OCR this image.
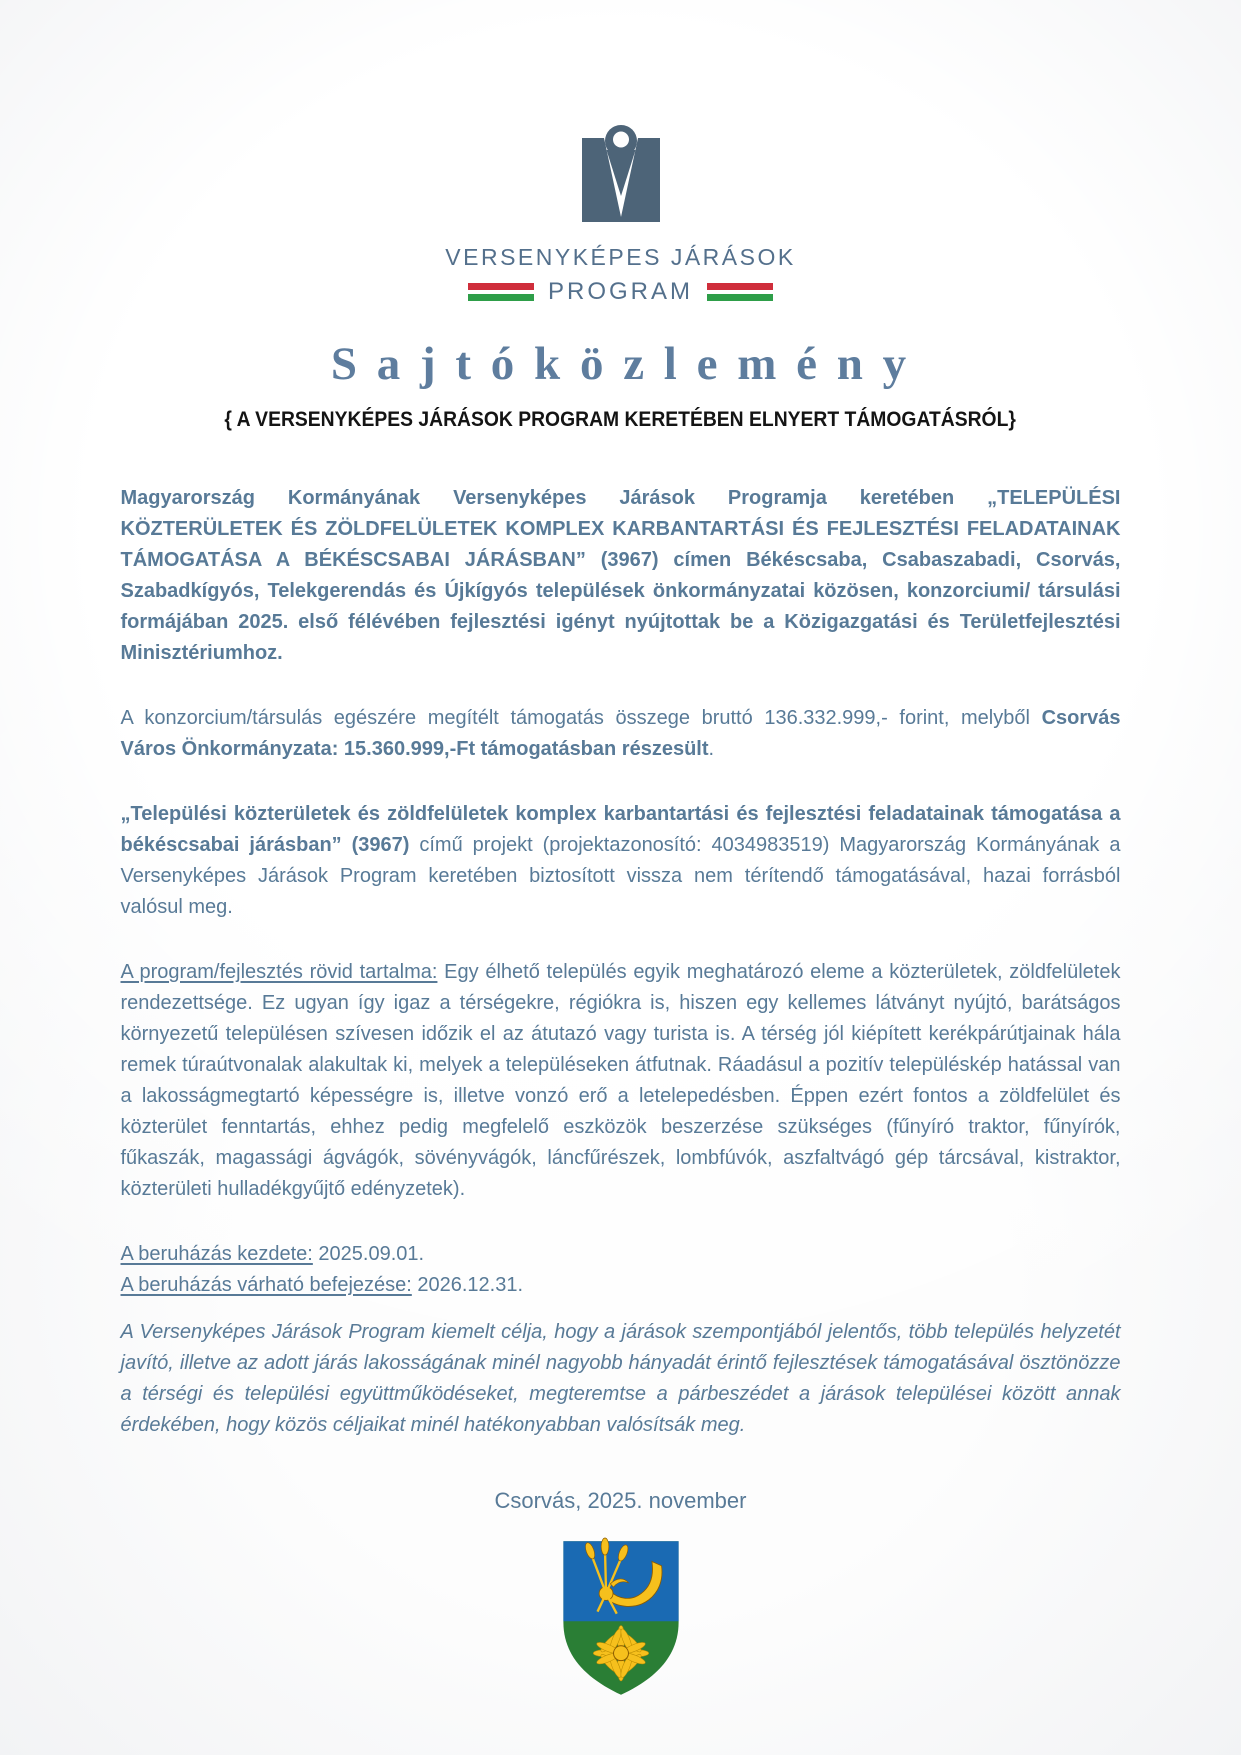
VERSENYKÉPES JÁRÁSOK
PROGRAM
S a j t ó k ö z l e m é n y
{ A VERSENYKÉPES JÁRÁSOK PROGRAM KERETÉBEN ELNYERT TÁMOGATÁSRÓL}

Magyarország Kormányának Versenyképes Járások Programja keretében „TELEPÜLÉSI KÖZTERÜLETEK ÉS ZÖLDFELÜLETEK KOMPLEX KARBANTARTÁSI ÉS FEJLESZTÉSI FELADATAINAK TÁMOGATÁSA A BÉKÉSCSABAI JÁRÁSBAN” (3967) címen Békéscsaba, Csabaszabadi, Csorvás, Szabadkígyós, Telekgerendás és Újkígyós települések önkormányzatai közösen, konzorciumi/ társulási formájában 2025. első félévében fejlesztési igényt nyújtottak be a Közigazgatási és Területfejlesztési Minisztériumhoz.

A konzorcium/társulás egészére megítélt támogatás összege bruttó 136.332.999,- forint, melyből Csorvás Város Önkormányzata: 15.360.999,-Ft támogatásban részesült.

„Települési közterületek és zöldfelületek komplex karbantartási és fejlesztési feladatainak támogatása a békéscsabai járásban” (3967) című projekt (projektazonosító: 4034983519) Magyarország Kormányának a Versenyképes Járások Program keretében biztosított vissza nem térítendő támogatásával, hazai forrásból valósul meg.

A program/fejlesztés rövid tartalma: Egy élhető település egyik meghatározó eleme a közterületek, zöldfelületek rendezettsége. Ez ugyan így igaz a térségekre, régiókra is, hiszen egy kellemes látványt nyújtó, barátságos környezetű településen szívesen időzik el az átutazó vagy turista is. A térség jól kiépített kerékpárútjainak hála remek túraútvonalak alakultak ki, melyek a településeken átfutnak. Ráadásul a pozitív településkép hatással van a lakosságmegtartó képességre is, illetve vonzó erő a letelepedésben. Éppen ezért fontos a zöldfelület és közterület fenntartás, ehhez pedig megfelelő eszközök beszerzése szükséges (fűnyíró traktor, fűnyírók, fűkaszák, magassági ágvágók, sövényvágók, láncfűrészek, lombfúvók, aszfaltvágó gép tárcsával, kistraktor, közterületi hulladékgyűjtő edényzetek).

A beruházás kezdete: 2025.09.01.

A beruházás várható befejezése: 2026.12.31.

A Versenyképes Járások Program kiemelt célja, hogy a járások szempontjából jelentős, több település helyzetét javító, illetve az adott járás lakosságának minél nagyobb hányadát érintő fejlesztések támogatásával ösztönözze a térségi és települési együttműködéseket, megteremtse a párbeszédet a járások települései között annak érdekében, hogy közös céljaikat minél hatékonyabban valósítsák meg.

Csorvás, 2025. november
